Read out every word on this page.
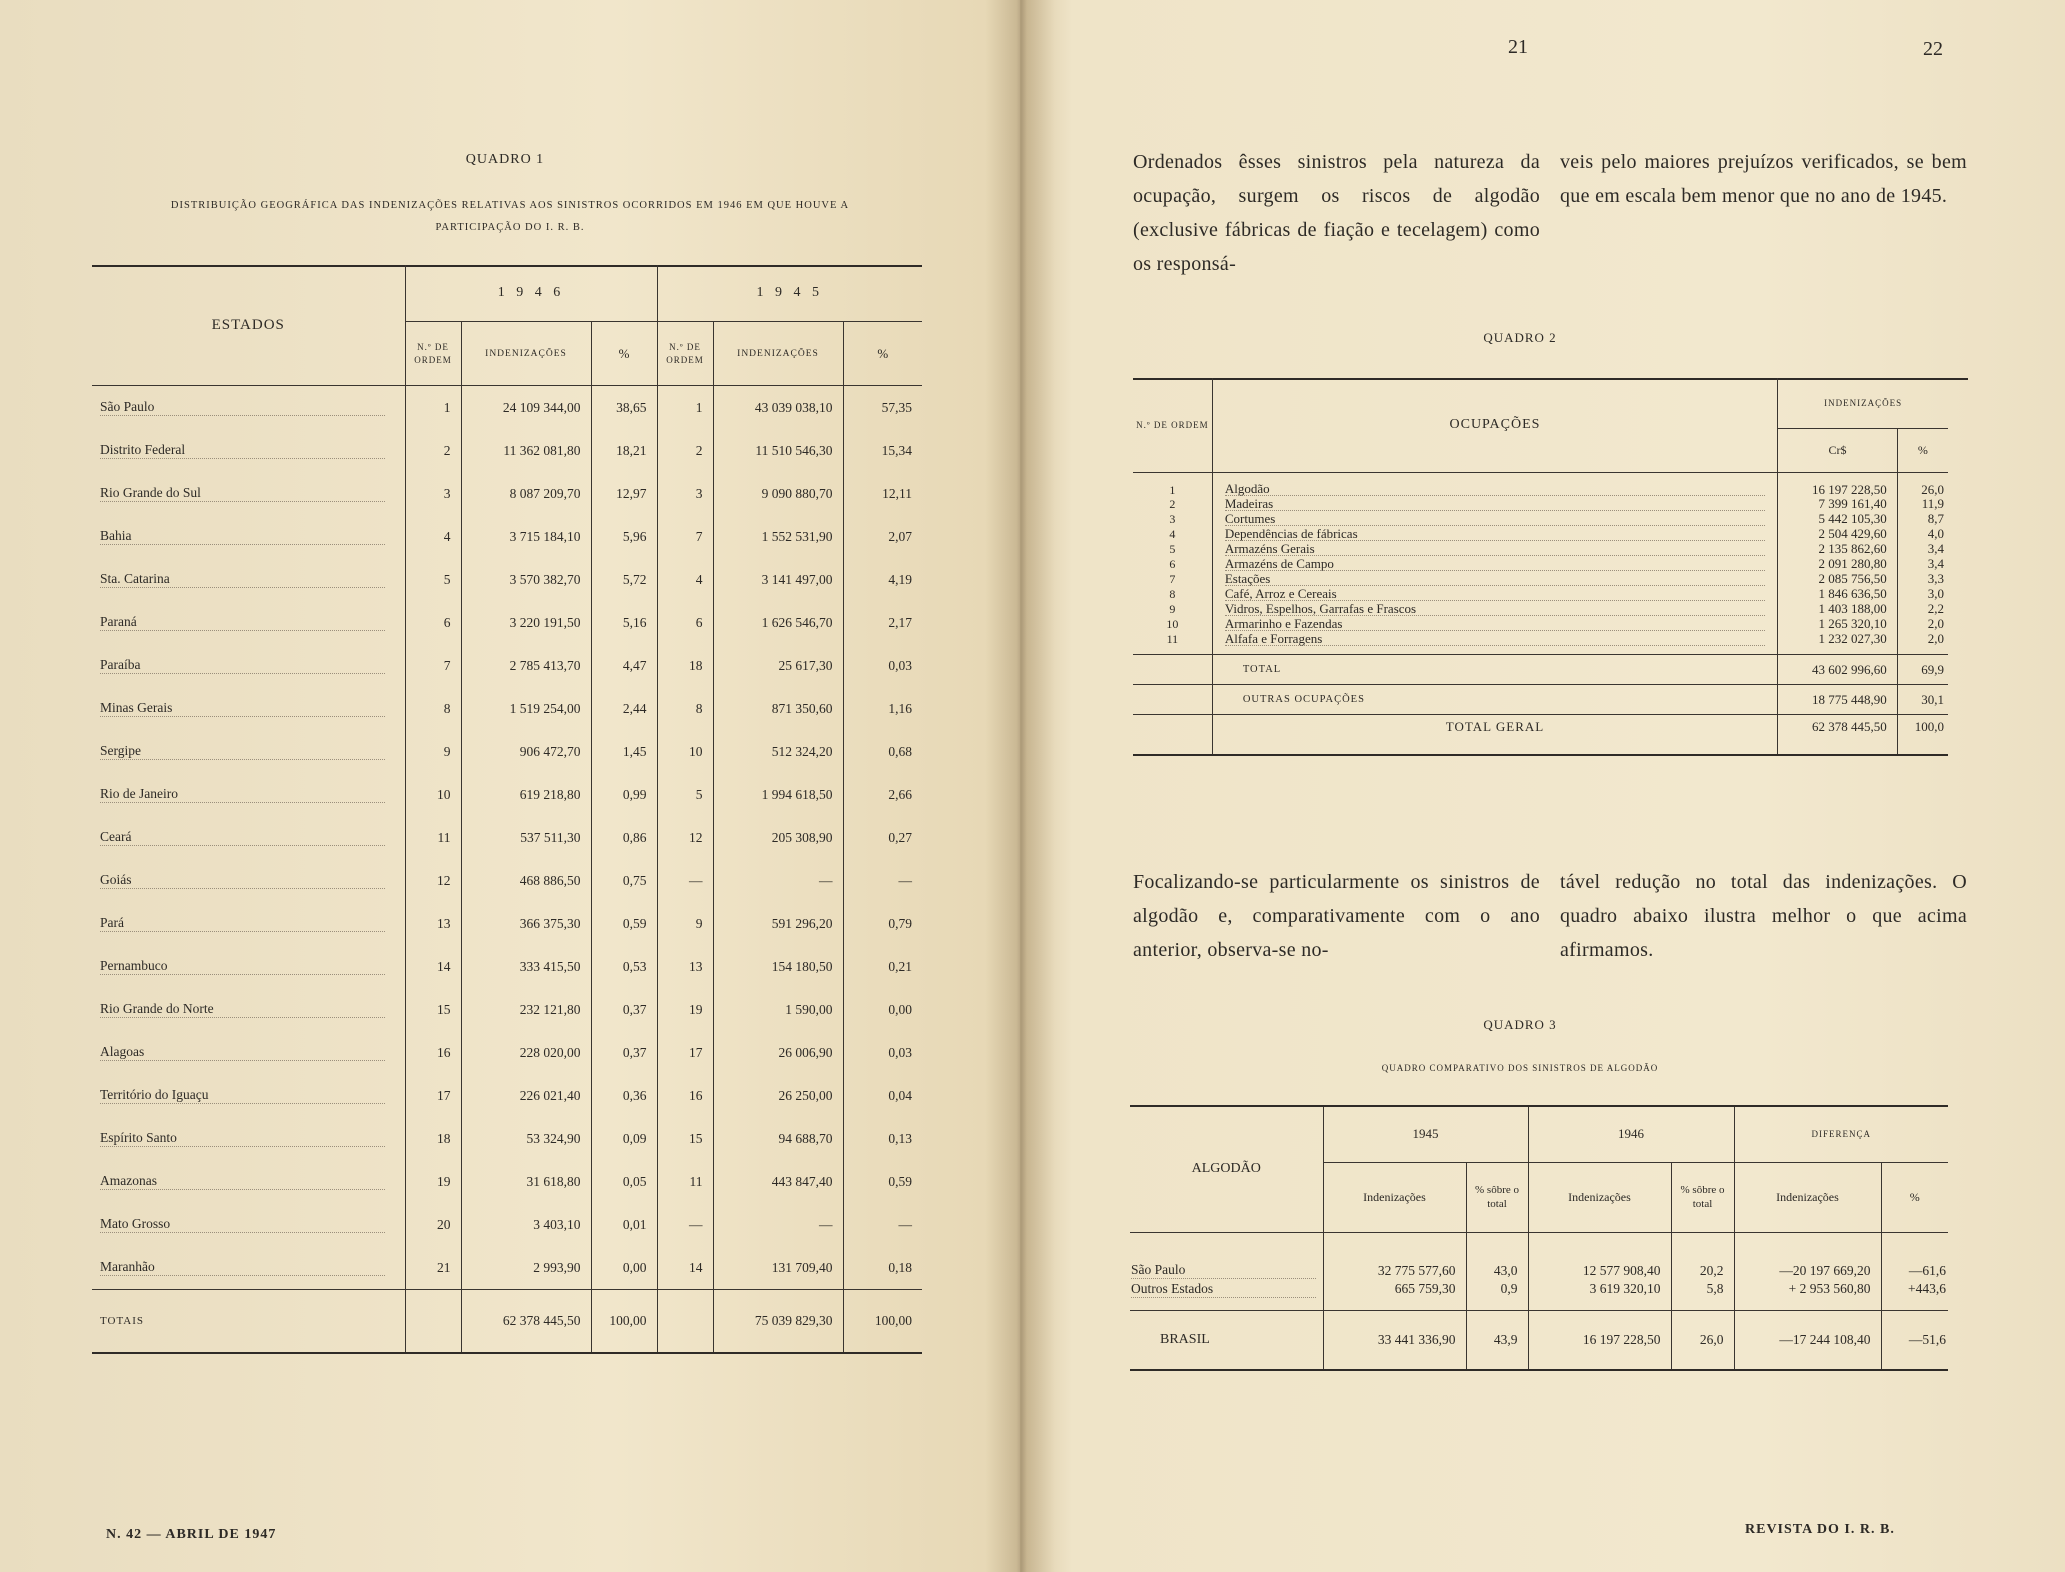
QUADRO 1
DISTRIBUIÇÃO GEOGRÁFICA DAS INDENIZAÇÕES RELATIVAS AOS SINISTROS OCORRIDOS EM 1946 EM QUE HOUVE A
PARTICIPAÇÃO DO I. R. B.
ESTADOS	1 9 4 6			1 9 4 5		
	N.º DE ORDEM	INDENIZAÇÕES	%	N.º DE ORDEM	INDENIZAÇÕES	%
São Paulo	1	24 109 344,00	38,65	1	43 039 038,10	57,35
Distrito Federal	2	11 362 081,80	18,21	2	11 510 546,30	15,34
Rio Grande do Sul	3	8 087 209,70	12,97	3	9 090 880,70	12,11
Bahia	4	3 715 184,10	5,96	7	1 552 531,90	2,07
Sta. Catarina	5	3 570 382,70	5,72	4	3 141 497,00	4,19
Paraná	6	3 220 191,50	5,16	6	1 626 546,70	2,17
Paraíba	7	2 785 413,70	4,47	18	25 617,30	0,03
Minas Gerais	8	1 519 254,00	2,44	8	871 350,60	1,16
Sergipe	9	906 472,70	1,45	10	512 324,20	0,68
Rio de Janeiro	10	619 218,80	0,99	5	1 994 618,50	2,66
Ceará	11	537 511,30	0,86	12	205 308,90	0,27
Goiás	12	468 886,50	0,75	—	—	—
Pará	13	366 375,30	0,59	9	591 296,20	0,79
Pernambuco	14	333 415,50	0,53	13	154 180,50	0,21
Rio Grande do Norte	15	232 121,80	0,37	19	1 590,00	0,00
Alagoas	16	228 020,00	0,37	17	26 006,90	0,03
Território do Iguaçu	17	226 021,40	0,36	16	26 250,00	0,04
Espírito Santo	18	53 324,90	0,09	15	94 688,70	0,13
Amazonas	19	31 618,80	0,05	11	443 847,40	0,59
Mato Grosso	20	3 403,10	0,01	—	—	—
Maranhão	21	2 993,90	0,00	14	131 709,40	0,18
TOTAIS		62 378 445,50	100,00		75 039 829,30	100,00
N. 42 — ABRIL DE 1947
21	22
Ordenados êsses sinistros pela natureza da ocupação, surgem os riscos de algodão (exclusive fábricas de fiação e tecelagem) como os responsá-
veis pelo maiores prejuízos verificados, se bem que em escala bem menor que no ano de 1945.
QUADRO 2
N.º DE ORDEM	OCUPAÇÕES	INDENIZAÇÕES	
		Cr$	%
1	Algodão	16 197 228,50	26,0
2	Madeiras	7 399 161,40	11,9
3	Cortumes	5 442 105,30	8,7
4	Dependências de fábricas	2 504 429,60	4,0
5	Armazéns Gerais	2 135 862,60	3,4
6	Armazéns de Campo	2 091 280,80	3,4
7	Estações	2 085 756,50	3,3
8	Café, Arroz e Cereais	1 846 636,50	3,0
9	Vidros, Espelhos, Garrafas e Frascos	1 403 188,00	2,2
10	Armarinho e Fazendas	1 265 320,10	2,0
11	Alfafa e Forragens	1 232 027,30	2,0

	TOTAL	43 602 996,60	69,9
	OUTRAS OCUPAÇÕES	18 775 448,90	30,1
	TOTAL GERAL	62 378 445,50	100,0
Focalizando-se particularmente os sinistros de algodão e, comparativamente com o ano anterior, observa-se no-
tável redução no total das indenizações. O quadro abaixo ilustra melhor o que acima afirmamos.
QUADRO 3
QUADRO COMPARATIVO DOS SINISTROS DE ALGODÃO
ALGODÃO	1945		1946		DIFERENÇA	
	Indenizações	% sôbre o total	Indenizações	% sôbre o total	Indenizações	%
São Paulo	32 775 577,60	43,0	12 577 908,40	20,2	—20 197 669,20	—61,6
Outros Estados	665 759,30	0,9	3 619 320,10	5,8	+ 2 953 560,80	+443,6
BRASIL	33 441 336,90	43,9	16 197 228,50	26,0	—17 244 108,40	—51,6
REVISTA DO I. R. B.
